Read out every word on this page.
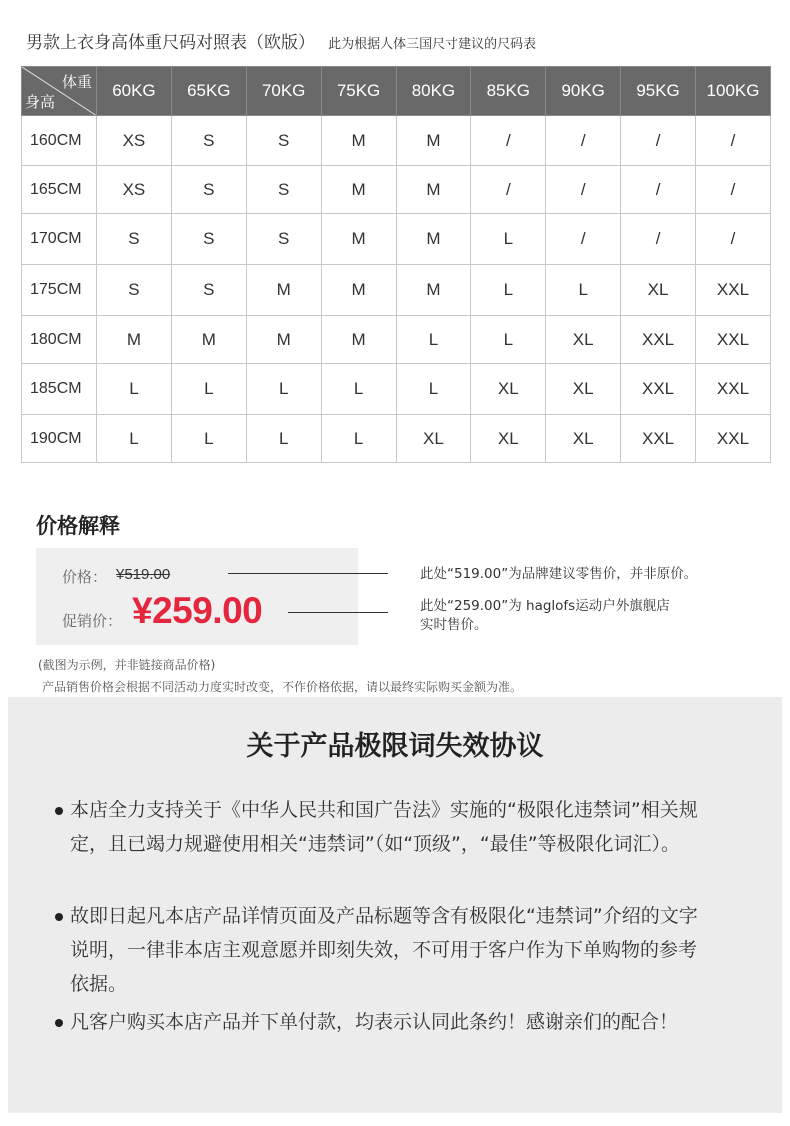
男款上衣身高体重尺码对照表（欧版） 此为根据人体三国尺寸建议的尺码表
体重
身高	60KG	65KG	70KG	75KG	80KG	85KG	90KG	95KG	100KG
160CM	XS	S	S	M	M	/	/	/	/
165CM	XS	S	S	M	M	/	/	/	/
170CM	S	S	S	M	M	L	/	/	/
175CM	S	S	M	M	M	L	L	XL	XXL
180CM	M	M	M	M	L	L	XL	XXL	XXL
185CM	L	L	L	L	L	XL	XL	XXL	XXL
190CM	L	L	L	L	XL	XL	XL	XXL	XXL
价格解释
价格： ¥519.00
促销价： ¥259.00
此处“519.00”为品牌建议零售价，并非原价。
此处“259.00”为 haglofs运动户外旗舰店
实时售价。
(截图为示例，并非链接商品价格)
产品销售价格会根据不同活动力度实时改变，不作价格依据，请以最终实际购买金额为准。
关于产品极限词失效协议
本店全力支持关于《中华人民共和国广告法》实施的“极限化违禁词”相关规定，且已竭力规避使用相关“违禁词”（如“顶级”，“最佳”等极限化词汇）。
故即日起凡本店产品详情页面及产品标题等含有极限化“违禁词”介绍的文字说明，一律非本店主观意愿并即刻失效，不可用于客户作为下单购物的参考依据。
凡客户购买本店产品并下单付款，均表示认同此条约！感谢亲们的配合！
